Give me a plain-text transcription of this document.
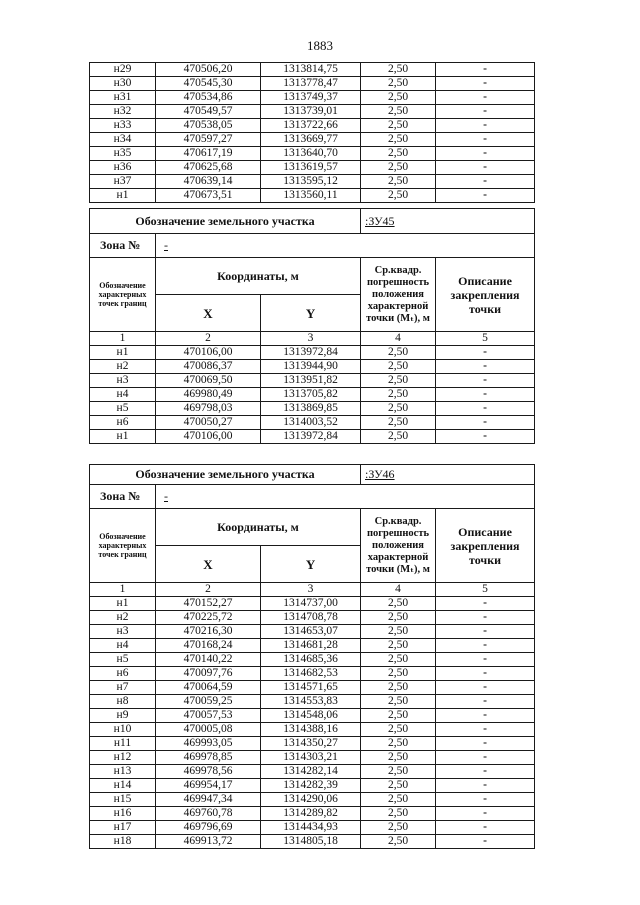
1883
н29	470506,20	1313814,75	2,50	-
н30	470545,30	1313778,47	2,50	-
н31	470534,86	1313749,37	2,50	-
н32	470549,57	1313739,01	2,50	-
н33	470538,05	1313722,66	2,50	-
н34	470597,27	1313669,77	2,50	-
н35	470617,19	1313640,70	2,50	-
н36	470625,68	1313619,57	2,50	-
н37	470639,14	1313595,12	2,50	-
н1	470673,51	1313560,11	2,50	-
Обозначение земельного участка			:ЗУ45	
Зона №	-			
Обозначение характерных точек границ	Координаты, м		Ср.квадр. погрешность положения характерной точки (Mₜ), м	Описание закрепления точки
	X	Y		
1	2	3	4	5
н1	470106,00	1313972,84	2,50	-
н2	470086,37	1313944,90	2,50	-
н3	470069,50	1313951,82	2,50	-
н4	469980,49	1313705,82	2,50	-
н5	469798,03	1313869,85	2,50	-
н6	470050,27	1314003,52	2,50	-
н1	470106,00	1313972,84	2,50	-
Обозначение земельного участка			:ЗУ46	
Зона №	-			
Обозначение характерных точек границ	Координаты, м		Ср.квадр. погрешность положения характерной точки (Mₜ), м	Описание закрепления точки
	X	Y		
1	2	3	4	5
н1	470152,27	1314737,00	2,50	-
н2	470225,72	1314708,78	2,50	-
н3	470216,30	1314653,07	2,50	-
н4	470168,24	1314681,28	2,50	-
н5	470140,22	1314685,36	2,50	-
н6	470097,76	1314682,53	2,50	-
н7	470064,59	1314571,65	2,50	-
н8	470059,25	1314553,83	2,50	-
н9	470057,53	1314548,06	2,50	-
н10	470005,08	1314388,16	2,50	-
н11	469993,05	1314350,27	2,50	-
н12	469978,85	1314303,21	2,50	-
н13	469978,56	1314282,14	2,50	-
н14	469954,17	1314282,39	2,50	-
н15	469947,34	1314290,06	2,50	-
н16	469760,78	1314289,82	2,50	-
н17	469796,69	1314434,93	2,50	-
н18	469913,72	1314805,18	2,50	-
